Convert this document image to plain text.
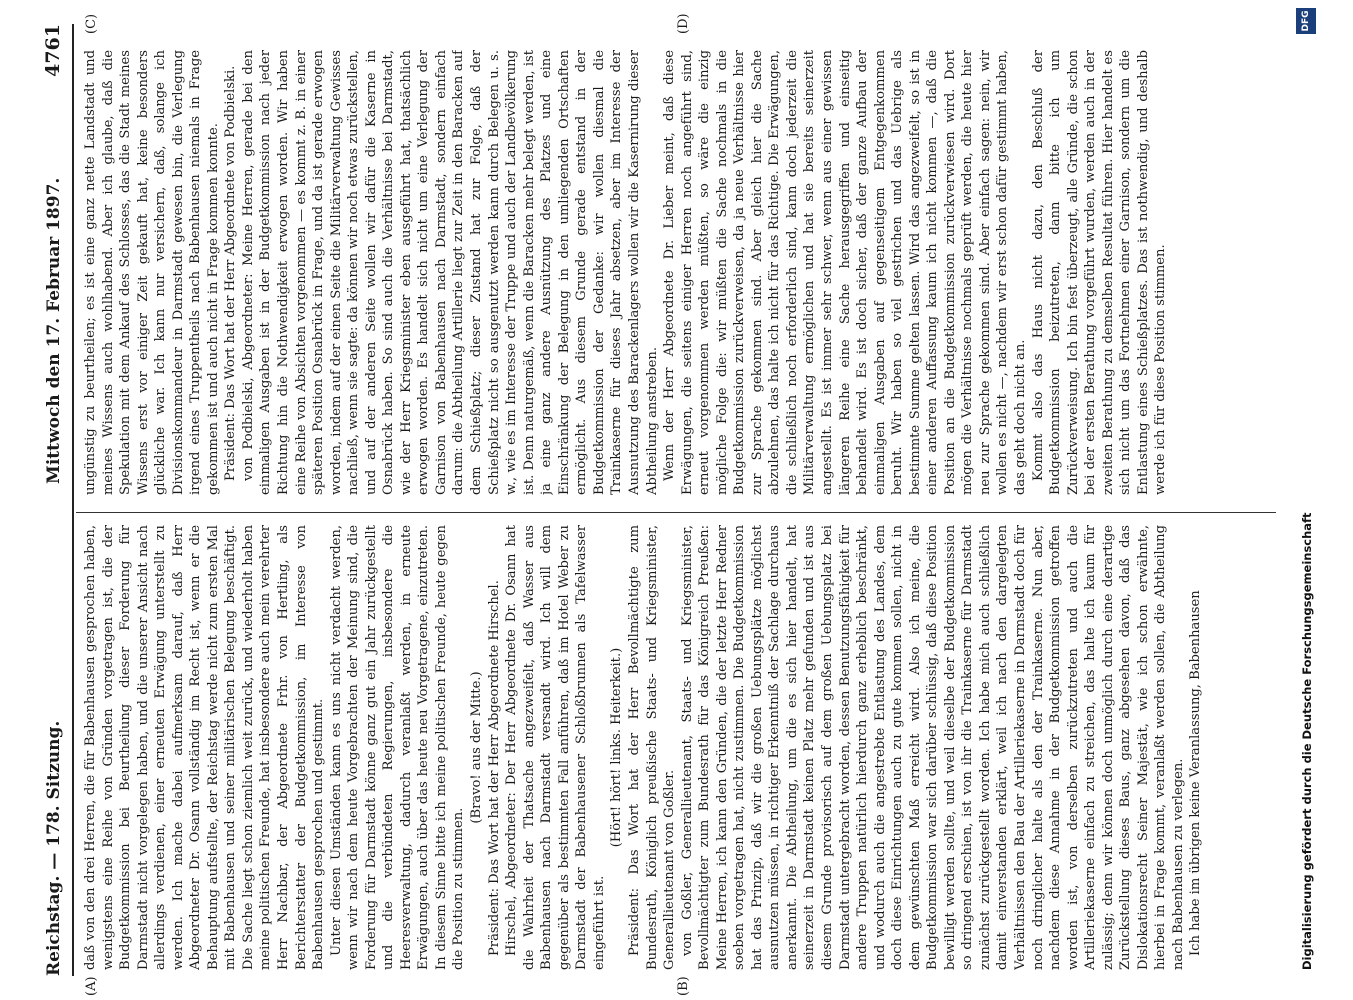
Reichstag. — 178. Sitzung.
Mittwoch den 17. Februar 1897.
4761
(A)	(B)
(C)	(D)

daß von den drei Herren, die für Babenhausen gesprochen haben, wenigstens eine Reihe von Gründen vorgetragen ist, die der Budgetkommission bei Beurtheilung dieser Forderung für Darmstadt nicht vorgelegen haben, und die unserer Ansicht nach allerdings verdienen, einer erneuten Erwägung unterstellt zu werden. Ich mache dabei aufmerksam darauf, daß Herr Abgeordneter Dr. Osann vollständig im Recht ist, wenn er die Behauptung aufstellte, der Reichstag werde nicht zum ersten Mal mit Babenhausen und seiner militärischen Belegung beschäftigt. Die Sache liegt schon ziemlich weit zurück, und wiederholt haben meine politischen Freunde, hat insbesondere auch mein verehrter Herr Nachbar, der Abgeordnete Frhr. von Hertling, als Berichterstatter der Budgetkommission, im Interesse von Babenhausen gesprochen und gestimmt. Unter diesen Umständen kann es uns nicht verdacht werden, wenn wir nach dem heute Vorgebrachten der Meinung sind, die Forderung für Darmstadt könne ganz gut ein Jahr zurückgestellt und die verbündeten Regierungen, insbesondere die Heeresverwaltung, dadurch veranlaßt werden, in erneute Erwägungen, auch über das heute neu Vorgetragene, einzutreten. In diesem Sinne bitte ich meine politischen Freunde, heute gegen die Position zu stimmen.

(Bravo! aus der Mitte.) Präsident: Das Wort hat der Herr Abgeordnete Hirschel. Hirschel, Abgeordneter: Der Herr Abgeordnete Dr. Osann hat die Wahrheit der Thatsache angezweifelt, daß Wasser aus Babenhausen nach Darmstadt versandt wird. Ich will dem gegenüber als bestimmten Fall anführen, daß im Hotel Weber zu Darmstadt der Babenhausener Schloßbrunnen als Tafelwasser eingeführt ist.

(Hört! hört! links. Heiterkeit.) Präsident: Das Wort hat der Herr Bevollmächtigte zum Bundesrath, Königlich preußische Staats- und Kriegsminister, Generallieutenant von Goßler. von Goßler, Generallieutenant, Staats- und Kriegsminister, Bevollmächtigter zum Bundesrath für das Königreich Preußen: Meine Herren, ich kann den Gründen, die der letzte Herr Redner soeben vorgetragen hat, nicht zustimmen. Die Budgetkommission hat das Prinzip, daß wir die großen Uebungsplätze möglichst ausnutzen müssen, in richtiger Erkenntniß der Sachlage durchaus anerkannt. Die Abtheilung, um die es sich hier handelt, hat seinerzeit in Darmstadt keinen Platz mehr gefunden und ist aus diesem Grunde provisorisch auf dem großen Uebungsplatz bei Darmstadt untergebracht worden, dessen Benutzungsfähigkeit für andere Truppen natürlich hierdurch ganz erheblich beschränkt, und wodurch auch die angestrebte Entlastung des Landes, dem doch diese Einrichtungen auch zu gute kommen sollen, nicht in dem gewünschten Maß erreicht wird. Also ich meine, die Budgetkommission war sich darüber schlüssig, daß diese Position bewilligt werden sollte, und weil dieselbe der Budgetkommission so dringend erschien, ist von ihr die Trainkaserne für Darmstadt zunächst zurückgestellt worden. Ich habe mich auch schließlich damit einverstanden erklärt, weil ich nach den dargelegten Verhältnissen den Bau der Artilleriekaserne in Darmstadt doch für noch dringlicher halte als den der Trainkaserne. Nun aber, nachdem diese Annahme in der Budgetkommission getroffen worden ist, von derselben zurückzutreten und auch die Artilleriekaserne einfach zu streichen, das halte ich kaum für zulässig; denn wir können doch unmöglich durch eine derartige Zurückstellung dieses Baus, ganz abgesehen davon, daß das Dislokationsrecht Seiner Majestät, wie ich schon erwähnte, hierbei in Frage kommt, veranlaßt werden sollen, die Abtheilung nach Babenhausen zu verlegen. Ich habe im übrigen keine Veranlassung, Babenhausen

ungünstig zu beurtheilen; es ist eine ganz nette Landstadt und meines Wissens auch wohlhabend. Aber ich glaube, daß die Spekulation mit dem Ankauf des Schlosses, das die Stadt meines Wissens erst vor einiger Zeit gekauft hat, keine besonders glückliche war. Ich kann nur versichern, daß, solange ich Divisionskommandeur in Darmstadt gewesen bin, die Verlegung irgend eines Truppentheils nach Babenhausen niemals in Frage gekommen ist und auch nicht in Frage kommen konnte. Präsident: Das Wort hat der Herr Abgeordnete von Podbielski. von Podbielski, Abgeordneter: Meine Herren, gerade bei den einmaligen Ausgaben ist in der Budgetkommission nach jeder Richtung hin die Nothwendigkeit erwogen worden. Wir haben eine Reihe von Absichten vorgenommen — es kommt z. B. in einer späteren Position Osnabrück in Frage, und da ist gerade erwogen worden, indem auf der einen Seite die Militärverwaltung Gewisses nachließ, wenn sie sagte: da können wir noch etwas zurückstellen, und auf der anderen Seite wollen wir dafür die Kaserne in Osnabrück haben. So sind auch die Verhältnisse bei Darmstadt, wie der Herr Kriegsminister eben ausgeführt hat, thatsächlich erwogen worden. Es handelt sich nicht um eine Verlegung der Garnison von Babenhausen nach Darmstadt, sondern einfach darum: die Abtheilung Artillerie liegt zur Zeit in den Baracken auf dem Schießplatz; dieser Zustand hat zur Folge, daß der Schießplatz nicht so ausgenutzt werden kann durch Belegen u. s. w., wie es im Interesse der Truppe und auch der Landbevölkerung ist. Denn naturgemäß, wenn die Baracken mehr belegt werden, ist ja eine ganz andere Ausnützung des Platzes und eine Einschränkung der Belegung in den umliegenden Ortschaften ermöglicht. Aus diesem Grunde gerade entstand in der Budgetkommission der Gedanke: wir wollen diesmal die Trainkaserne für dieses Jahr absetzen, aber im Interesse der Ausnutzung des Barackenlagers wollen wir die Kasernirung dieser Abtheilung anstreben. Wenn der Herr Abgeordnete Dr. Lieber meint, daß diese Erwägungen, die seitens einiger Herren noch angeführt sind, erneut vorgenommen werden müßten, so wäre die einzig mögliche Folge die: wir müßten die Sache nochmals in die Budgetkommission zurückverweisen, da ja neue Verhältnisse hier zur Sprache gekommen sind. Aber gleich hier die Sache abzulehnen, das halte ich nicht für das Richtige. Die Erwägungen, die schließlich noch erforderlich sind, kann doch jederzeit die Militärverwaltung ermöglichen und hat sie bereits seinerzeit angestellt. Es ist immer sehr schwer, wenn aus einer gewissen längeren Reihe eine Sache herausgegriffen und einseitig behandelt wird. Es ist doch sicher, daß der ganze Aufbau der einmaligen Ausgaben auf gegenseitigem Entgegenkommen beruht. Wir haben so viel gestrichen und das Uebrige als bestimmte Summe gelten lassen. Wird das angezweifelt, so ist in einer anderen Auffassung kaum ich nicht kommen —, daß die Position an die Budgetkommission zurückverwiesen wird. Dort mögen die Verhältnisse nochmals geprüft werden, die heute hier neu zur Sprache gekommen sind. Aber einfach sagen: nein, wir wollen es nicht —, nachdem wir erst schon dafür gestimmt haben, das geht doch nicht an. Kommt also das Haus nicht dazu, den Beschluß der Budgetkommission beizutreten, dann bitte ich um Zurückverweisung. Ich bin fest überzeugt, alle Gründe, die schon bei der ersten Berathung vorgeführt wurden, werden auch in der zweiten Berathung zu demselben Resultat führen. Hier handelt es sich nicht um das Fortnehmen einer Garnison, sondern um die Entlastung eines Schießplatzes. Das ist nothwendig, und deshalb werde ich für diese Position stimmen.

Digitalisierung gefördert durch die Deutsche Forschungsgemeinschaft
DFG
